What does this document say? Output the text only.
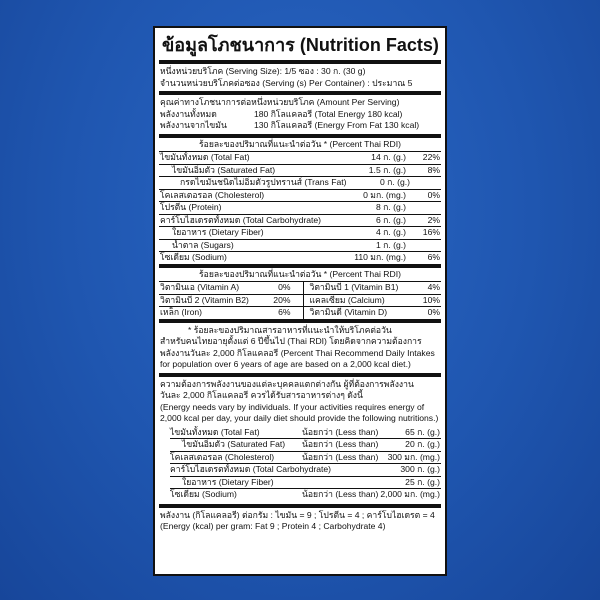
ข้อมูลโภชนาการ (Nutrition Facts)
หนึ่งหน่วยบริโภค (Serving Size): 1/5 ซอง : 30 ก. (30 g)
จำนวนหน่วยบริโภคต่อซอง (Serving (s) Per Container) : ประมาณ 5
คุณค่าทางโภชนาการต่อหนึ่งหน่วยบริโภค (Amount Per Serving)
พลังงานทั้งหมด	180 กิโลแคลอรี (Total Energy 180 kcal)
พลังงานจากไขมัน	130 กิโลแคลอรี (Energy From Fat 130 kcal)
ร้อยละของปริมาณที่แนะนำต่อวัน * (Percent Thai RDI)
ไขมันทั้งหมด (Total Fat)	14 ก. (g.)	22%
ไขมันอิ่มตัว (Saturated Fat)	1.5 ก. (g.)	8%
กรดไขมันชนิดไม่อิ่มตัวรูปทรานส์ (Trans Fat)	0 ก. (g.)
โคเลสเตอรอล (Cholesterol)	0 มก. (mg.)	0%
โปรตีน (Protein)	8 ก. (g.)
คาร์โบไฮเดรตทั้งหมด (Total Carbohydrate)	6 ก. (g.)	2%
ใยอาหาร (Dietary Fiber)	4 ก. (g.)	16%
น้ำตาล (Sugars)	1 ก. (g.)
โซเดียม (Sodium)	110 มก. (mg.)	6%
ร้อยละของปริมาณที่แนะนำต่อวัน * (Percent Thai RDI)
วิตามินเอ (Vitamin A)	0% วิตามินบี 1 (Vitamin B1)	4%
วิตามินบี 2 (Vitamin B2)	20% แคลเซียม (Calcium)	10%
เหล็ก (Iron)	6% วิตามินดี (Vitamin D)	0%
* ร้อยละของปริมาณสารอาหารที่แนะนำให้บริโภคต่อวัน
สำหรับคนไทยอายุตั้งแต่ 6 ปีขึ้นไป (Thai RDI) โดยคิดจากความต้องการ
พลังงานวันละ 2,000 กิโลแคลอรี (Percent Thai Recommend Daily Intakes
for population over 6 years of age are based on a 2,000 kcal diet.)
ความต้องการพลังงานของแต่ละบุคคลแตกต่างกัน ผู้ที่ต้องการพลังงาน
วันละ 2,000 กิโลแคลอรี ควรได้รับสารอาหารต่างๆ ดังนี้
(Energy needs vary by individuals. If your activities requires energy of
2,000 kcal per day, your daily diet should provide the following nutritions.)
ไขมันทั้งหมด (Total Fat)	น้อยกว่า (Less than)	65 ก. (g.)
ไขมันอิ่มตัว (Saturated Fat)	น้อยกว่า (Less than)	20 ก. (g.)
โคเลสเตอรอล (Cholesterol)	น้อยกว่า (Less than)	300 มก. (mg.)
คาร์โบไฮเดรตทั้งหมด (Total Carbohydrate)	300 ก. (g.)
ใยอาหาร (Dietary Fiber)	25 ก. (g.)
โซเดียม (Sodium)	น้อยกว่า (Less than) 2,000 มก. (mg.)
พลังงาน (กิโลแคลอรี) ต่อกรัม : ไขมัน = 9 ; โปรตีน = 4 ; คาร์โบไฮเดรต = 4
(Energy (kcal) per gram: Fat 9 ; Protein 4 ; Carbohydrate 4)
